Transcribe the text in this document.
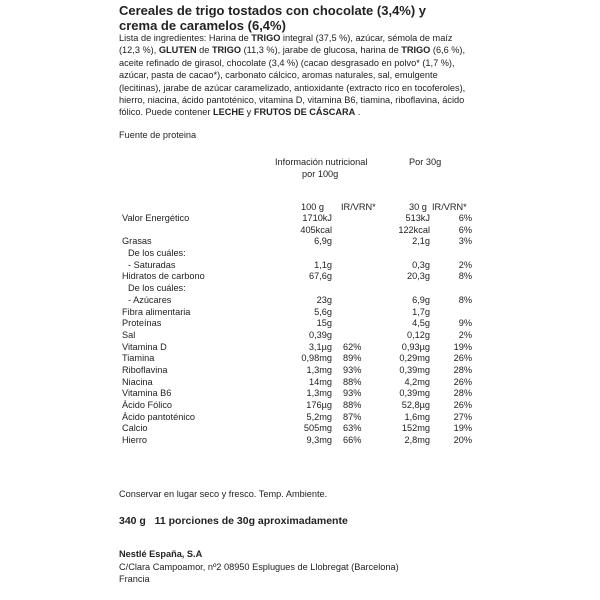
Cereales de trigo tostados con chocolate (3,4%) y crema de caramelos (6,4%)
Lista de ingredientes: Harina de TRIGO integral (37,5 %), azúcar, sémola de maíz (12,3 %), GLUTEN de TRIGO (11,3 %), jarabe de glucosa, harina de TRIGO (6,6 %), aceite refinado de girasol, chocolate (3,4 %) (cacao desgrasado en polvo* (1,7 %), azúcar, pasta de cacao*), carbonato cálcico, aromas naturales, sal, emulgente (lecitinas), jarabe de azúcar caramelizado, antioxidante (extracto rico en tocoferoles), hierro, niacina, ácido pantoténico, vitamina D, vitamina B6, tiamina, riboflavina, ácido fólico. Puede contener LECHE y FRUTOS DE CÁSCARA .
Fuente de proteina
Información nutricional
por 100g
Por 30g
100 g IR/VRN*	30 g IR/VRN*
Valor Energético	1710kJ	513kJ	6%
405kcal	122kcal	6%
Grasas	6,9g	2,1g	3%
De los cuáles:
- Saturadas	1,1g	0,3g	2%
Hidratos de carbono	67,6g	20,3g	8%
De los cuáles:
- Azúcares	23g	6,9g	8%
Fibra alimentaria	5,6g	1,7g
Proteínas	15g	4,5g	9%
Sal	0,39g	0,12g	2%
Vitamina D	3,1µg 62%	0,93µg	19%
Tiamina	0,98mg 89%	0,29mg	26%
Riboflavina	1,3mg 93%	0,39mg	28%
Niacina	14mg 88%	4,2mg	26%
Vitamina B6	1,3mg 93%	0,39mg	28%
Ácido Fólico	176µg 88%	52,8µg	26%
Ácido pantoténico	5,2mg 87%	1,6mg	27%
Calcio	505mg 63%	152mg	19%
Hierro	9,3mg 66%	2,8mg	20%
Conservar en lugar seco y fresco. Temp. Ambiente.
340 g 11 porciones de 30g aproximadamente
Nestlé España, S.A
C/Clara Campoamor, nº2 08950 Esplugues de Llobregat (Barcelona)
Francia
